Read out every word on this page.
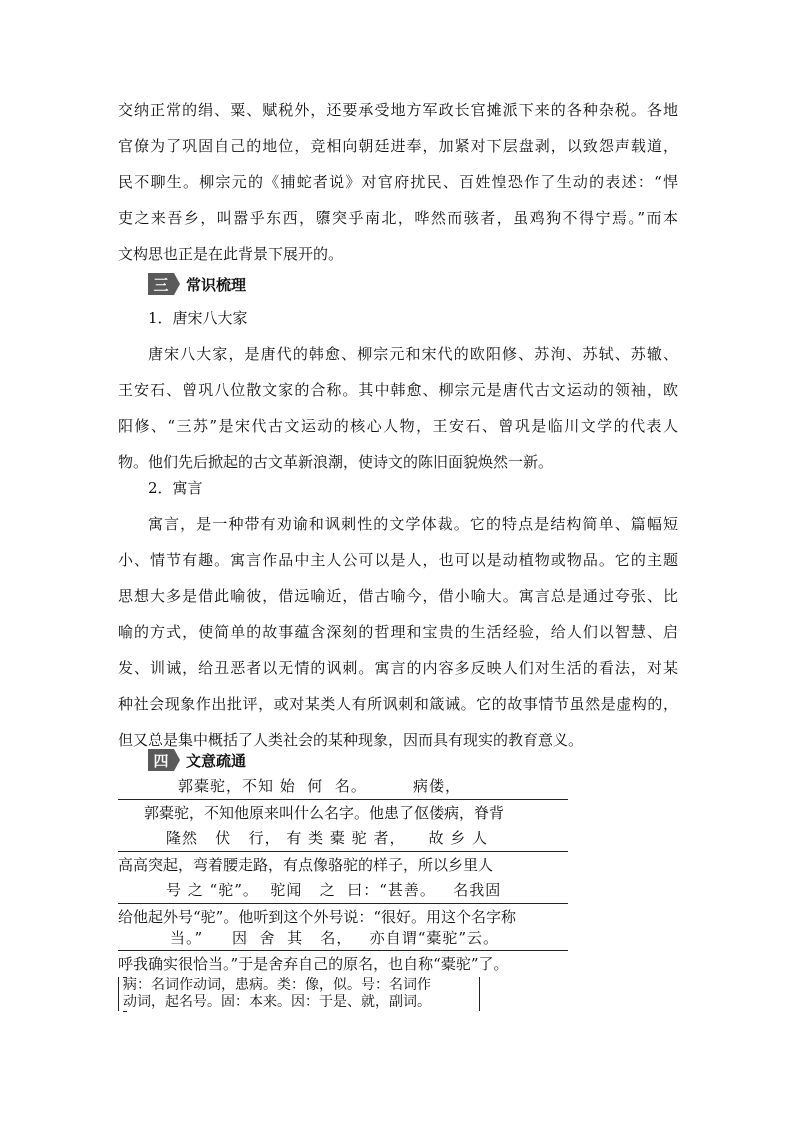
交纳正常的绢、粟、赋税外，还要承受地方军政长官摊派下来的各种杂税。各地
官僚为了巩固自己的地位，竞相向朝廷进奉，加紧对下层盘剥，以致怨声载道，
民不聊生。柳宗元的《捕蛇者说》对官府扰民、百姓惶恐作了生动的表述：“悍
吏之来吾乡，叫嚣乎东西，隳突乎南北，哗然而骇者，虽鸡狗不得宁焉。”而本
文构思也正是在此背景下展开的。
三	常识梳理
1．唐宋八大家
唐宋八大家，是唐代的韩愈、柳宗元和宋代的欧阳修、苏洵、苏轼、苏辙、
王安石、曾巩八位散文家的合称。其中韩愈、柳宗元是唐代古文运动的领袖，欧
阳修、“三苏”是宋代古文运动的核心人物，王安石、曾巩是临川文学的代表人
物。他们先后掀起的古文革新浪潮，使诗文的陈旧面貌焕然一新。
2．寓言
寓言，是一种带有劝谕和讽刺性的文学体裁。它的特点是结构简单、篇幅短
小、情节有趣。寓言作品中主人公可以是人，也可以是动植物或物品。它的主题
思想大多是借此喻彼，借远喻近，借古喻今，借小喻大。寓言总是通过夸张、比
喻的方式，使简单的故事蕴含深刻的哲理和宝贵的生活经验，给人们以智慧、启
发、训诫，给丑恶者以无情的讽刺。寓言的内容多反映人们对生活的看法，对某
种社会现象作出批评，或对某类人有所讽刺和箴诫。它的故事情节虽然是虚构的，
但又总是集中概括了人类社会的某种现象，因而具有现实的教育意义。
四	文意疏通
郭橐驼，不知 始  何  名。        病偻，
郭橐驼，不知他原来叫什么名字。他患了伛偻病，脊背
隆然   伏   行， 有 类 橐 驼 者，    故 乡 人
高高突起，弯着腰走路，有点像骆驼的样子，所以乡里人
号 之 “驼”。  驼闻   之  曰：“甚善。   名我固
给他起外号“驼”。他听到这个外号说：“很好。用这个名字称
当。”     因  舍  其   名，   亦自谓“橐驼”云。
呼我确实很恰当。”于是舍弃自己的原名，也自称“橐驼”了。
病：名词作动词，患病。类：像，似。号：名词作
动词，起名号。固：本来。因：于是、就，副词。
